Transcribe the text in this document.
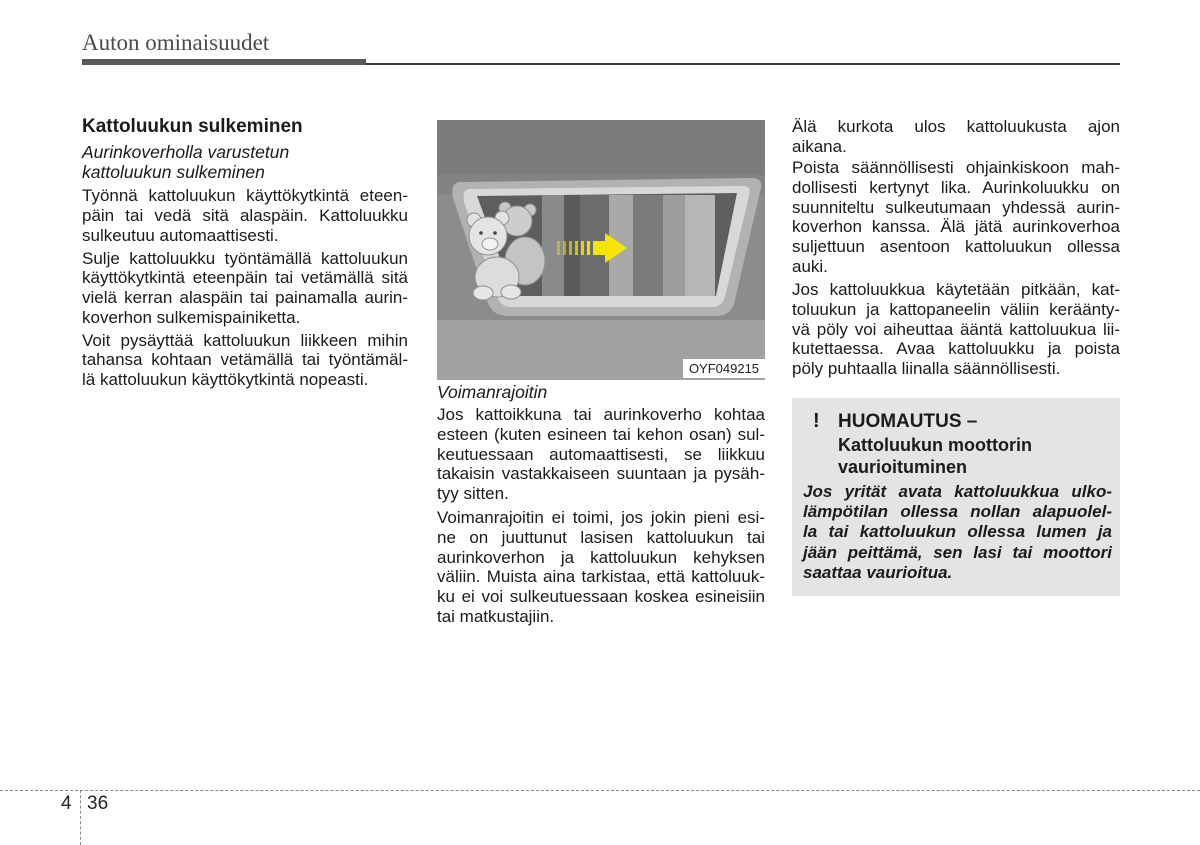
Auton ominaisuudet
Kattoluukun sulkeminen
Aurinkoverholla varustetun
kattoluukun sulkeminen
Työnnä kattoluukun käyttökytkintä eteen-
päin tai vedä sitä alaspäin. Kattoluukku
sulkeutuu automaattisesti.
Sulje kattoluukku työntämällä kattoluukun
käyttökytkintä eteenpäin tai vetämällä sitä
vielä kerran alaspäin tai painamalla aurin-
koverhon sulkemispainiketta.
Voit pysäyttää kattoluukun liikkeen mihin
tahansa kohtaan vetämällä tai työntämäl-
lä kattoluukun käyttökytkintä nopeasti.
OYF049215
Voimanrajoitin
Jos kattoikkuna tai aurinkoverho kohtaa
esteen (kuten esineen tai kehon osan) sul-
keutuessaan automaattisesti, se liikkuu
takaisin vastakkaiseen suuntaan ja pysäh-
tyy sitten.
Voimanrajoitin ei toimi, jos jokin pieni esi-
ne on juuttunut lasisen kattoluukun tai
aurinkoverhon ja kattoluukun kehyksen
väliin. Muista aina tarkistaa, että kattoluuk-
ku ei voi sulkeutuessaan koskea esineisiin
tai matkustajiin.
Älä kurkota ulos kattoluukusta ajon
aikana.
Poista säännöllisesti ohjainkiskoon mah-
dollisesti kertynyt lika. Aurinkoluukku on
suunniteltu sulkeutumaan yhdessä aurin-
koverhon kanssa. Älä jätä aurinkoverhoa
suljettuun asentoon kattoluukun ollessa
auki.
Jos kattoluukkua käytetään pitkään, kat-
toluukun ja kattopaneelin väliin keräänty-
vä pöly voi aiheuttaa ääntä kattoluukua lii-
kutettaessa. Avaa kattoluukku ja poista
pöly puhtaalla liinalla säännöllisesti.
! HUOMAUTUS –
Kattoluukun moottorin
vaurioituminen
Jos yrität avata kattoluukkua ulko-
lämpötilan ollessa nollan alapuolel-
la tai kattoluukun ollessa lumen ja
jään peittämä, sen lasi tai moottori
saattaa vaurioitua.
4 36
